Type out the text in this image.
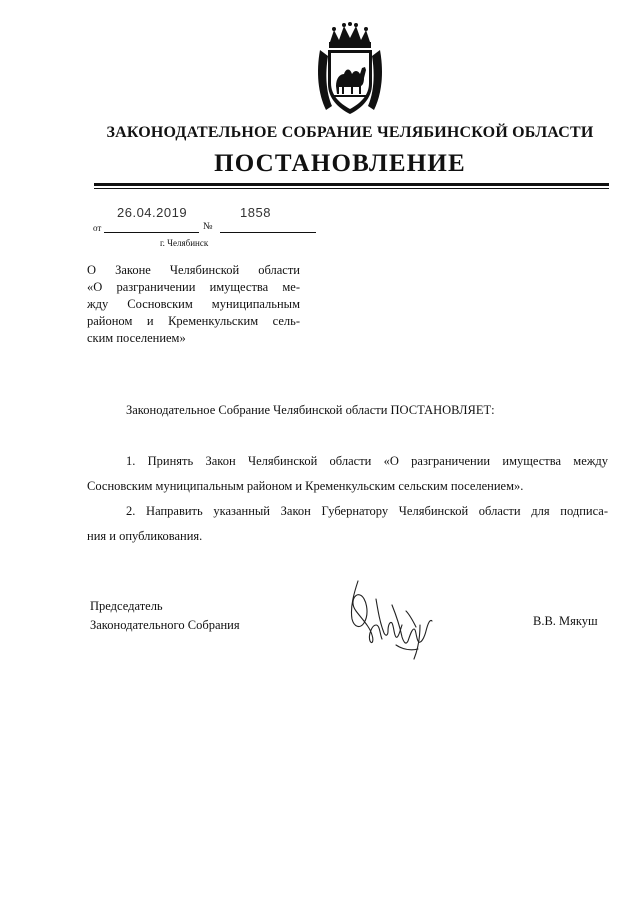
ЗАКОНОДАТЕЛЬНОЕ СОБРАНИЕ ЧЕЛЯБИНСКОЙ ОБЛАСТИ
ПОСТАНОВЛЕНИЕ
26.04.2019	1858
от	№
г. Челябинск
О Законе Челябинской области
«О разграничении имущества ме-
жду Сосновским муниципальным
районом и Кременкульским сель-
ским поселением»
Законодательное Собрание Челябинской области ПОСТАНОВЛЯЕТ:
1. Принять Закон Челябинской области «О разграничении имущества между
Сосновским муниципальным районом и Кременкульским сельским поселением».
2. Направить указанный Закон Губернатору Челябинской области для подписа-
ния и опубликования.
Председатель
Законодательного Собрания	В.В. Мякуш
